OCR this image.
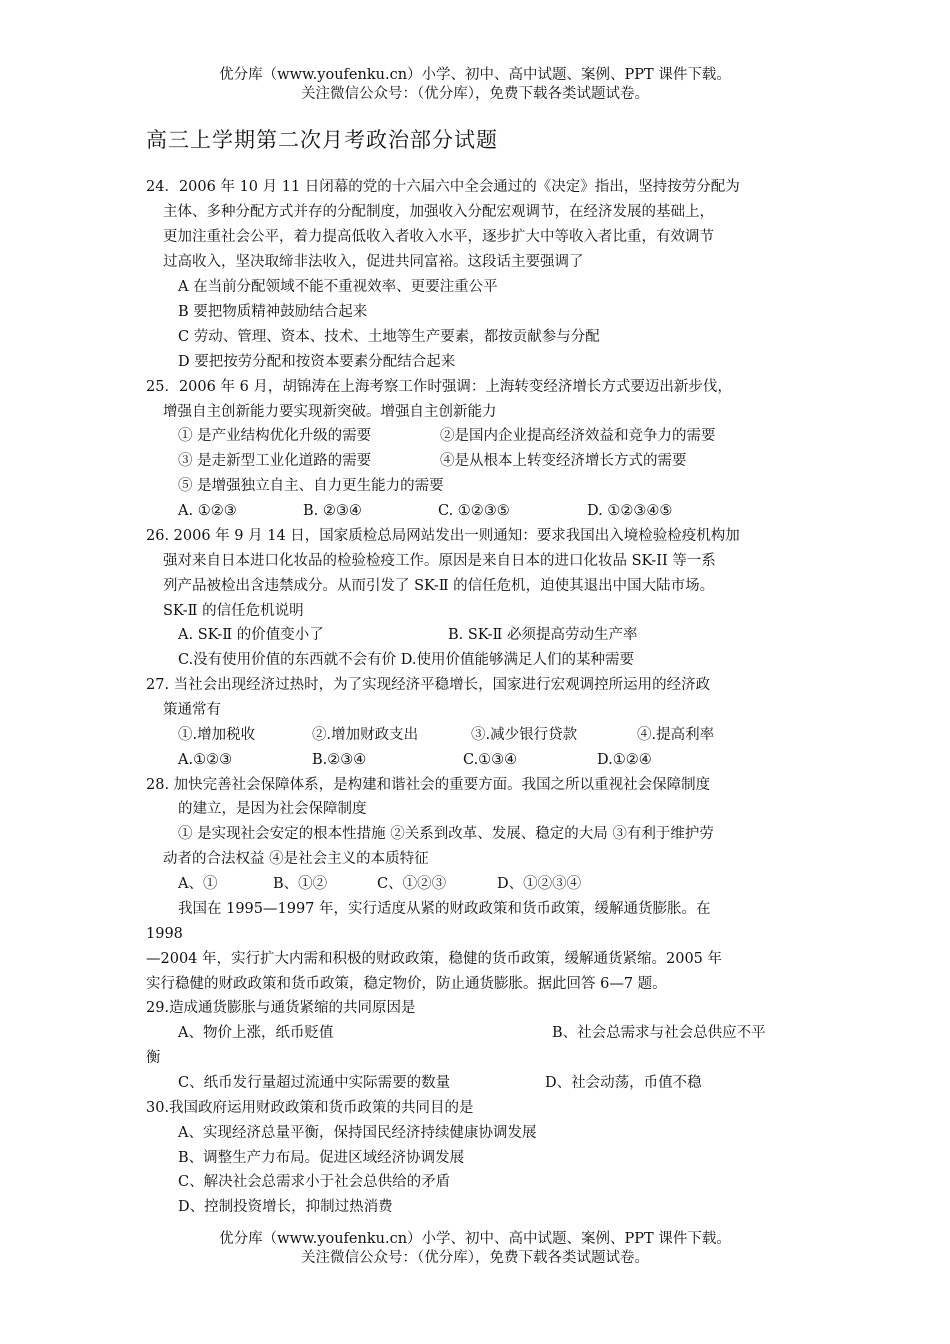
优分库（www.youfenku.cn）小学、初中、高中试题、案例、PPT 课件下载。
关注微信公众号：（优分库），免费下载各类试题试卷。
高三上学期第二次月考政治部分试题
24．2006 年 10 月 11 日闭幕的党的十六届六中全会通过的《决定》指出，坚持按劳分配为
主体、多种分配方式并存的分配制度，加强收入分配宏观调节，在经济发展的基础上，
更加注重社会公平，着力提高低收入者收入水平，逐步扩大中等收入者比重，有效调节
过高收入，坚决取缔非法收入，促进共同富裕。这段话主要强调了
A 在当前分配领域不能不重视效率、更要注重公平
B 要把物质精神鼓励结合起来
C 劳动、管理、资本、技术、土地等生产要素，都按贡献参与分配
D 要把按劳分配和按资本要素分配结合起来
25．2006 年 6 月，胡锦涛在上海考察工作时强调：上海转变经济增长方式要迈出新步伐，
增强自主创新能力要实现新突破。增强自主创新能力
① 是产业结构优化升级的需要	②是国内企业提高经济效益和竞争力的需要
③ 是走新型工业化道路的需要	④是从根本上转变经济增长方式的需要
⑤ 是增强独立自主、自力更生能力的需要
A. ①②③	B. ②③④	C. ①②③⑤	D. ①②③④⑤
26. 2006 年 9 月 14 日，国家质检总局网站发出一则通知：要求我国出入境检验检疫机构加
强对来自日本进口化妆品的检验检疫工作。原因是来自日本的进口化妆品 SK-II 等一系
列产品被检出含违禁成分。从而引发了 SK-Ⅱ 的信任危机，迫使其退出中国大陆市场。
SK-Ⅱ 的信任危机说明
A. SK-Ⅱ 的价值变小了	B. SK-Ⅱ 必须提高劳动生产率
C.没有使用价值的东西就不会有价 D.使用价值能够满足人们的某种需要
27. 当社会出现经济过热时，为了实现经济平稳增长，国家进行宏观调控所运用的经济政
策通常有
①.增加税收	②.增加财政支出	③.减少银行贷款	④.提高利率
A.①②③	B.②③④	C.①③④	D.①②④
28. 加快完善社会保障体系，是构建和谐社会的重要方面。我国之所以重视社会保障制度
的建立，是因为社会保障制度
① 是实现社会安定的根本性措施 ②关系到改革、发展、稳定的大局 ③有利于维护劳
动者的合法权益 ④是社会主义的本质特征
A、①	B、①②	C、①②③	D、①②③④
我国在 1995—1997 年，实行适度从紧的财政政策和货币政策，缓解通货膨胀。在
1998
—2004 年，实行扩大内需和积极的财政政策，稳健的货币政策，缓解通货紧缩。2005 年
实行稳健的财政政策和货币政策，稳定物价，防止通货膨胀。据此回答 6—7 题。
29.造成通货膨胀与通货紧缩的共同原因是
A、物价上涨，纸币贬值	B、社会总需求与社会总供应不平
衡
C、纸币发行量超过流通中实际需要的数量	D、社会动荡，币值不稳
30.我国政府运用财政政策和货币政策的共同目的是
A、实现经济总量平衡，保持国民经济持续健康协调发展
B、调整生产力布局。促进区域经济协调发展
C、解决社会总需求小于社会总供给的矛盾
D、控制投资增长，抑制过热消费
优分库（www.youfenku.cn）小学、初中、高中试题、案例、PPT 课件下载。
关注微信公众号：（优分库），免费下载各类试题试卷。
